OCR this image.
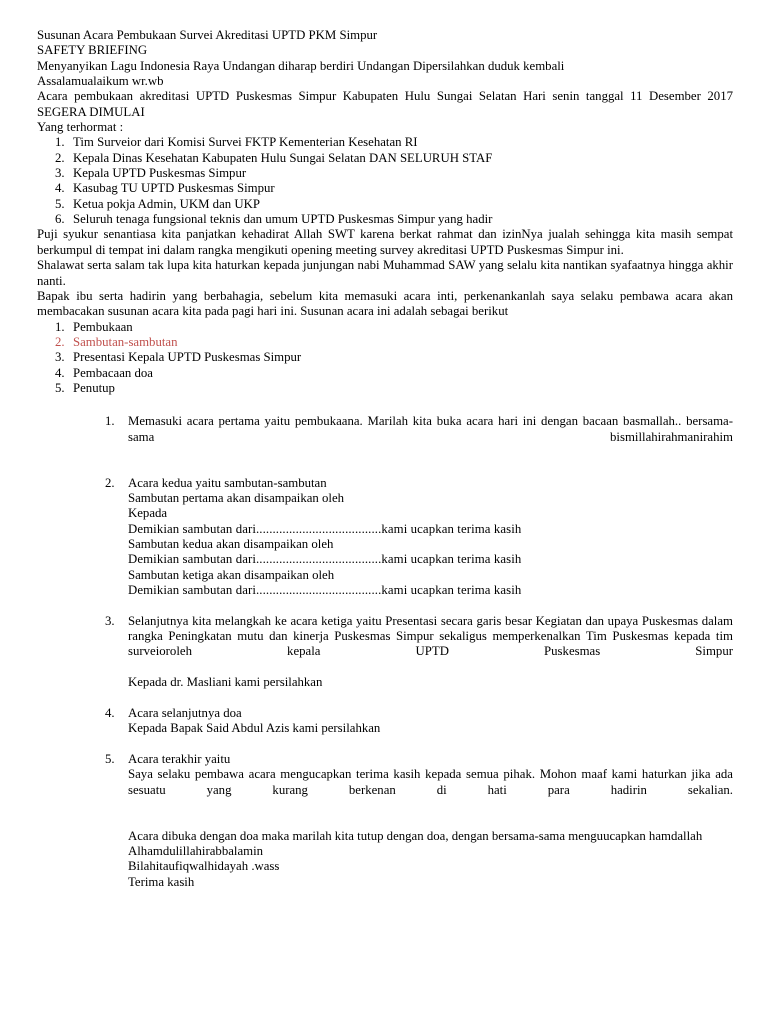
Susunan Acara Pembukaan Survei Akreditasi UPTD PKM Simpur

SAFETY BRIEFING

Menyanyikan Lagu Indonesia Raya Undangan diharap berdiri Undangan Dipersilahkan duduk kembali

Assalamualaikum wr.wb

Acara pembukaan akreditasi UPTD Puskesmas Simpur Kabupaten Hulu Sungai Selatan Hari senin tanggal 11 Desember 2017 SEGERA DIMULAI

Yang terhormat :

1. Tim Surveior dari Komisi Survei FKTP Kementerian Kesehatan RI
2. Kepala Dinas Kesehatan Kabupaten Hulu Sungai Selatan DAN SELURUH STAF
3. Kepala UPTD Puskesmas Simpur
4. Kasubag TU UPTD Puskesmas Simpur
5. Ketua pokja Admin, UKM dan UKP
6. Seluruh tenaga fungsional teknis dan umum UPTD Puskesmas Simpur yang hadir

Puji syukur senantiasa kita panjatkan kehadirat Allah SWT karena berkat rahmat dan izinNya jualah sehingga kita masih sempat berkumpul di tempat ini dalam rangka mengikuti opening meeting survey akreditasi UPTD Puskesmas Simpur ini.

Shalawat serta salam tak lupa kita haturkan kepada junjungan nabi Muhammad SAW yang selalu kita nantikan syafaatnya hingga akhir nanti.

Bapak ibu serta hadirin yang berbahagia, sebelum kita memasuki acara inti, perkenankanlah saya selaku pembawa acara akan membacakan susunan acara kita pada pagi hari ini. Susunan acara ini adalah sebagai berikut

1. Pembukaan
2. Sambutan-sambutan
3. Presentasi Kepala UPTD Puskesmas Simpur
4. Pembacaan doa
5. Penutup
1.	Memasuki acara pertama yaitu pembukaana. Marilah kita buka acara hari ini dengan bacaan basmallah.. bersama-sama bismillahirahmanirahim
2.	Acara kedua yaitu sambutan-sambutan
Sambutan pertama akan disampaikan oleh
Kepada
Demikian sambutan dari......................................kami ucapkan terima kasih
Sambutan kedua akan disampaikan oleh
Demikian sambutan dari......................................kami ucapkan terima kasih
Sambutan ketiga akan disampaikan oleh
Demikian sambutan dari......................................kami ucapkan terima kasih
3.	Selanjutnya kita melangkah ke acara ketiga yaitu Presentasi secara garis besar Kegiatan dan upaya Puskesmas dalam rangka Peningkatan mutu dan kinerja Puskesmas Simpur sekaligus memperkenalkan Tim Puskesmas kepada tim surveioroleh kepala UPTD Puskesmas Simpur
Kepada dr. Masliani kami persilahkan
4.	Acara selanjutnya doa
Kepada Bapak Said Abdul Azis kami persilahkan
5.	Acara terakhir yaitu
Saya selaku pembawa acara mengucapkan terima kasih kepada semua pihak. Mohon maaf kami haturkan jika ada sesuatu yang kurang berkenan di hati para hadirin sekalian.
Acara dibuka dengan doa maka marilah kita tutup dengan doa, dengan bersama-sama menguucapkan hamdallah Alhamdulillahirabbalamin
Bilahitaufiqwalhidayah .wass
Terima kasih
